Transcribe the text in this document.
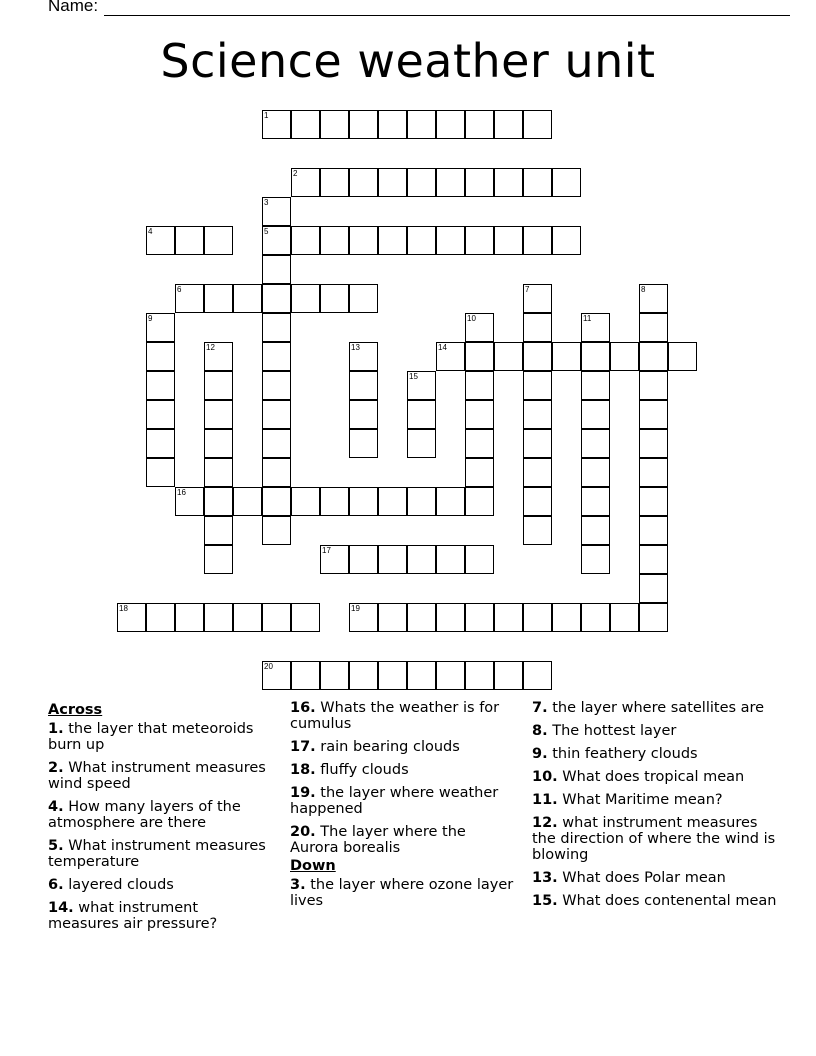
Name:
Science weather unit
1
2
3
5
4
6	7	8
9	10	11
12	13	14
15
16
17
18	19
20
Across
1. the layer that meteoroids burn up
2. What instrument measures wind speed
4. How many layers of the atmosphere are there
5. What instrument measures temperature
6. layered clouds
14. what instrument measures air pressure?
16. Whats the weather is for cumulus
17. rain bearing clouds
18. fluffy clouds
19. the layer where weather happened
20. The layer where the Aurora borealis
Down
3. the layer where ozone layer lives
7. the layer where satellites are
8. The hottest layer
9. thin feathery clouds
10. What does tropical mean
11. What Maritime mean?
12. what instrument measures the direction of where the wind is blowing
13. What does Polar mean
15. What does contenental mean
